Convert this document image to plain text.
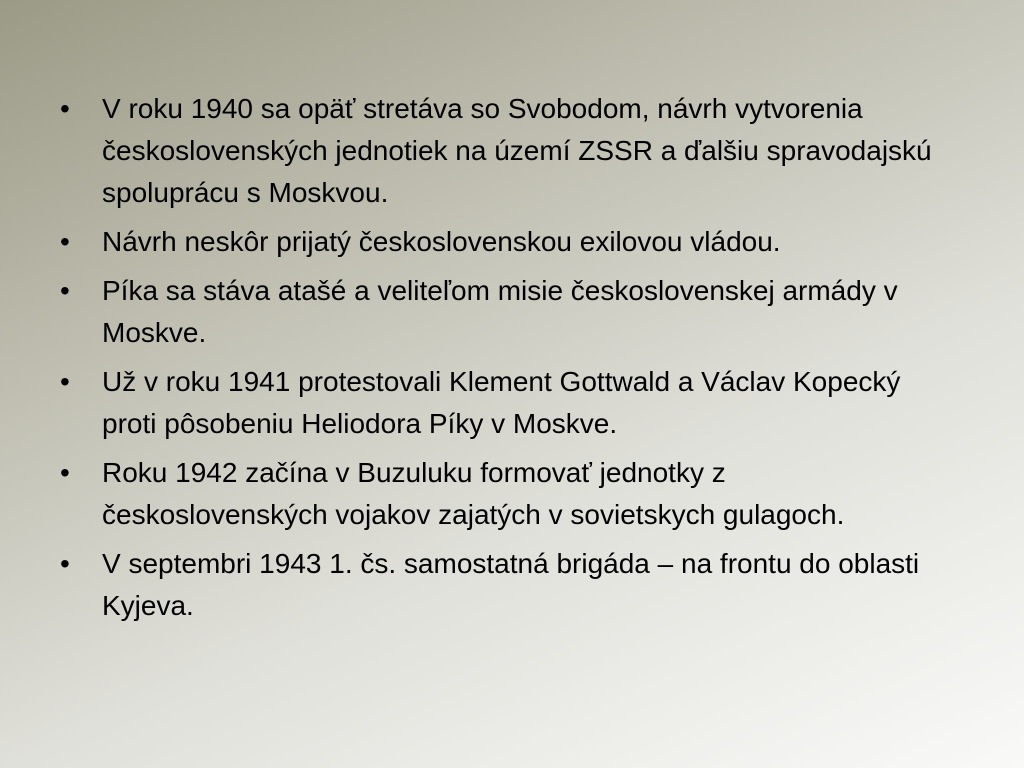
•	V roku 1940 sa opäť stretáva so Svobodom, návrh vytvorenia československých jednotiek na území ZSSR a ďalšiu spravodajskú spoluprácu s Moskvou.
•	Návrh neskôr prijatý československou exilovou vládou.
•	Píka sa stáva atašé a veliteľom misie československej armády v Moskve.
•	Už v roku 1941 protestovali Klement Gottwald a Václav Kopecký proti pôsobeniu Heliodora Píky v Moskve.
•	Roku 1942 začína v Buzuluku formovať jednotky z československých vojakov zajatých v sovietskych gulagoch.
•	V septembri 1943 1. čs. samostatná brigáda – na frontu do oblasti Kyjeva.
